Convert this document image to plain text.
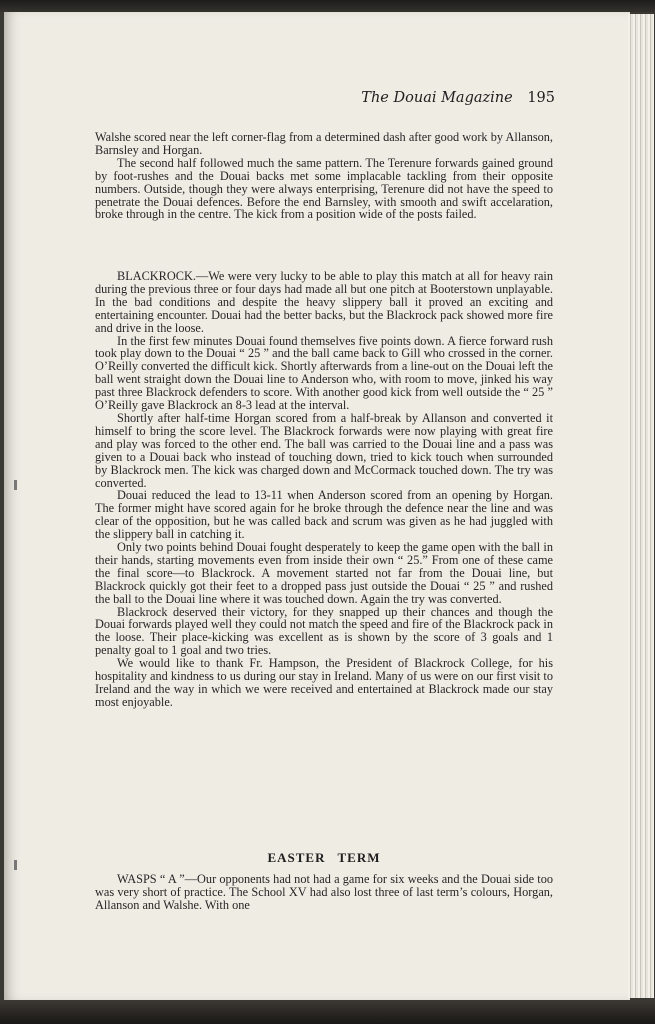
The Douai Magazine 195

Walshe scored near the left corner-flag from a determined dash after good work by Allanson, Barnsley and Horgan.

The second half followed much the same pattern. The Terenure forwards gained ground by foot-rushes and the Douai backs met some implacable tackling from their opposite numbers. Outside, though they were always enterprising, Terenure did not have the speed to penetrate the Douai defences. Before the end Barnsley, with smooth and swift accelaration, broke through in the centre. The kick from a position wide of the posts failed.

BLACKROCK.—We were very lucky to be able to play this match at all for heavy rain during the previous three or four days had made all but one pitch at Booterstown unplayable. In the bad conditions and despite the heavy slippery ball it proved an exciting and entertaining encounter. Douai had the better backs, but the Blackrock pack showed more fire and drive in the loose.

In the first few minutes Douai found themselves five points down. A fierce forward rush took play down to the Douai “ 25 ” and the ball came back to Gill who crossed in the corner. O’Reilly converted the difficult kick. Shortly afterwards from a line-out on the Douai left the ball went straight down the Douai line to Anderson who, with room to move, jinked his way past three Blackrock defenders to score. With another good kick from well outside the “ 25 ” O’Reilly gave Blackrock an 8-3 lead at the interval.

Shortly after half-time Horgan scored from a half-break by Allanson and converted it himself to bring the score level. The Blackrock forwards were now playing with great fire and play was forced to the other end. The ball was carried to the Douai line and a pass was given to a Douai back who instead of touching down, tried to kick touch when surrounded by Blackrock men. The kick was charged down and McCormack touched down. The try was converted.

Douai reduced the lead to 13-11 when Anderson scored from an opening by Horgan. The former might have scored again for he broke through the defence near the line and was clear of the opposition, but he was called back and scrum was given as he had juggled with the slippery ball in catching it.

Only two points behind Douai fought desperately to keep the game open with the ball in their hands, starting movements even from inside their own “ 25.” From one of these came the final score—to Blackrock. A movement started not far from the Douai line, but Blackrock quickly got their feet to a dropped pass just outside the Douai “ 25 ” and rushed the ball to the Douai line where it was touched down. Again the try was converted.

Blackrock deserved their victory, for they snapped up their chances and though the Douai forwards played well they could not match the speed and fire of the Blackrock pack in the loose. Their place-kicking was excellent as is shown by the score of 3 goals and 1 penalty goal to 1 goal and two tries.

We would like to thank Fr. Hampson, the President of Blackrock College, for his hospitality and kindness to us during our stay in Ireland. Many of us were on our first visit to Ireland and the way in which we were received and entertained at Blackrock made our stay most enjoyable.

EASTER TERM

WASPS “ A ”—Our opponents had not had a game for six weeks and the Douai side too was very short of practice. The School XV had also lost three of last term’s colours, Horgan, Allanson and Walshe. With one
